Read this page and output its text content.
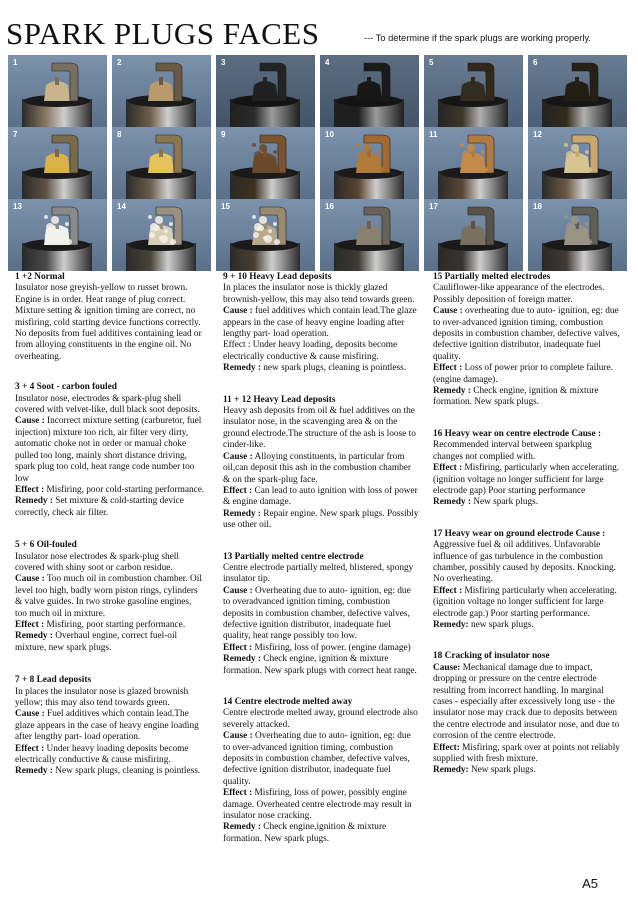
SPARK PLUGS FACES	--- To determine if the spark plugs are working properly.
1	2	3	4	5	6
7	8	9	10	11	12
13	14	15	16	17	18
1 +2 Normal

Insulator nose greyish-yellow to russet brown. Engine is in order. Heat range of plug correct. Mixture setting & ignition timing are correct, no misfiring, cold starting device functions correctly.

No deposits from fuel additives containing lead or from alloying constituents in the engine oil. No overheating.

3 + 4 Soot - carbon fouled

Insulator nose, electrodes & spark-plug shell covered with velvet-like, dull black soot deposits.

Cause : Incorrect mixture setting (carburetor, fuel injection) mixture too rich, air filter very dirty, automatic choke not in order or manual choke pulled too long, mainly short distance driving, spark plug too cold, heat range code number too low

Effect : Misfiring, poor cold-starting performance.

Remedy : Set mixture & cold-starting device correctly, check air filter.

5 + 6 Oil-fouled

Insulator nose electrodes & spark-plug shell covered with shiny soot or carbon residue.

Cause : Too much oil in combustion chamber. Oil level too high, badly worn piston rings, cylinders & valve guides. In two stroke gasoline engines, too much oil in mixture.

Effect : Misfiring, poor starting performance.

Remedy : Overhaul engine, correct fuel-oil mixture, new spark plugs.

7 + 8 Lead deposits

In places the insulator nose is glazed brownish yellow; this may also tend towards green.

Cause : Fuel additives which contain lead.The glaze appears in the case of heavy engine loading after lengthy part- load operation.

Effect : Under heavy loading deposits become electrically conductive & cause misfiring.

Remedy : New spark plugs, cleaning is pointless.

9 + 10 Heavy Lead deposits

In places the insulator nose is thickly glazed brownish-yellow, this may also tend towards green.

Cause : fuel additives which contain lead.The glaze appears in the case of heavy engine loading after lengthy part- load operation.

Effect : Under heavy loading, deposits become electrically conductive & cause misfiring.

Remedy : new spark plugs, cleaning is pointless.

11 + 12 Heavy Lead deposits

Heavy ash deposits from oil & fuel additives on the insulator nose, in the scavenging area & on the ground electrode.The structure of the ash is loose to cinder-like.

Cause : Alloying constituents, in particular from oil,can deposit this ash in the combustion chamber & on the spark-plug face.

Effect : Can lead to auto ignition with loss of power & engine damage.

Remedy : Repair engine. New spark plugs. Possibly use other oil.

13 Partially melted centre electrode

Centre electrode partially melted, blistered, spongy insulator tip.

Cause : Overheating due to auto- ignition, eg: due to overadvanced ignition timing, combustion deposits in combustion chamber, defective valves, defective ignition distributor, inadequate fuel quality, heat range possibly too low.

Effect : Misfiring, loss of power. (engine damage)

Remedy : Check engine, ignition & mixture formation. New spark plugs with correct heat range.

14 Centre electrode melted away

Centre electrode melted away, ground electrode also severely attacked.

Cause : Overheating due to auto- ignition, eg: due to over-advanced ignition timing, combustion deposits in combustion chamber, defective valves, defective ignition distributor, inadequate fuel quality.

Effect : Misfiring, loss of power, possibly engine damage. Overheated centre electrode may result in insulator nose cracking.

Remedy : Check engine,ignition & mixture formation. New spark plugs.

15 Partially melted electrodes

Cauliflower-like appearance of the electrodes. Possibly deposition of foreign matter.

Cause : overheating due to auto- ignition, eg: due to over-advanced ignition timing, combustion deposits in combustion chamber, defective valves, defective ignition distributor, inadequate fuel quality.

Effect : Loss of power prior to complete failure. (engine damage).

Remedy : Check engine, ignition & mixture formation. New spark plugs.

16 Heavy wear on centre electrode Cause :

Recommended interval between sparkplug changes not complied with.

Effect : Misfiring, particularly when accelerating. (ignition voltage no longer sufficient for large electrode gap) Poor starting performance

Remedy : New spark plugs.

17 Heavy wear on ground electrode Cause :

Aggressive fuel & oil additives. Unfavorable influence of gas turbulence in the combustion chamber, possibly caused by deposits. Knocking. No overheating.

Effect : Misfiring particularly when accelerating. (ignition voltage no longer sufficient for large electrode gap.) Poor starting performance.

Remedy: new spark plugs.

18 Cracking of insulator nose

Cause: Mechanical damage due to impact, dropping or pressure on the centre electrode resulting from incorrect handling. In marginal cases - especially after excessively long use - the insulator nose may crack due to deposits between the centre electrode and insulator nose, and due to corrosion of the centre electrode.

Effect: Misfiring, spark over at points not reliably supplied with fresh mixture.

Remedy: New spark plugs.

A5
